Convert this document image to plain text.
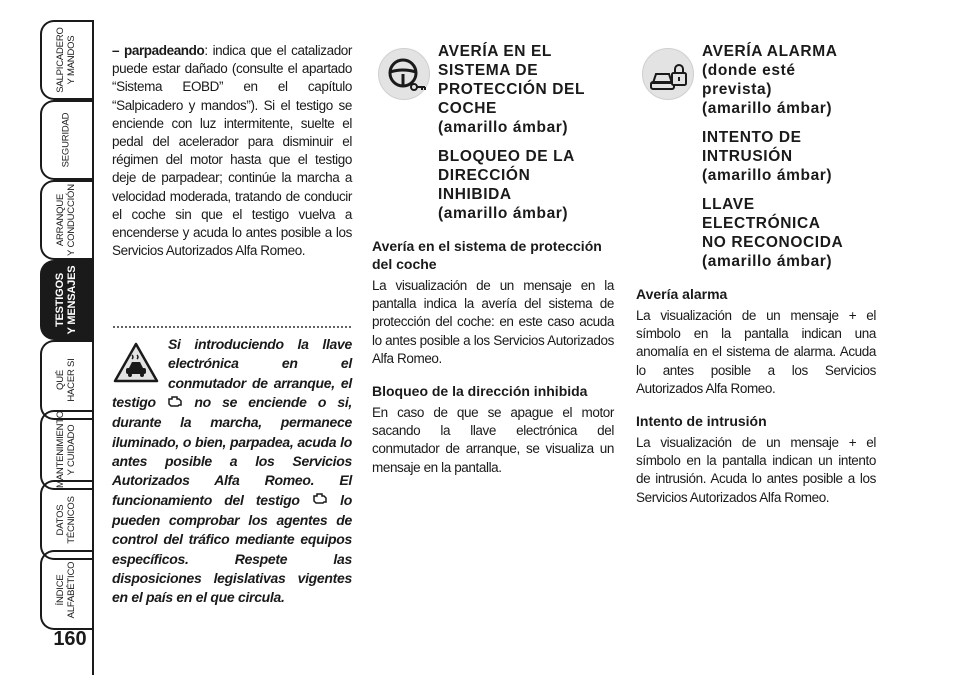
SALPICADERO
Y MANDOS
SEGURIDAD
ARRANQUE
Y CONDUCCIÓN
TESTIGOS
Y MENSAJES
QUÉ
HACER SI
MANTENIMIENTO
Y CUIDADO
DATOS
TÉCNICOS
ÍNDICE
ALFABÉTICO
160

– parpadeando: indica que el catalizador puede estar dañado (consulte el apartado “Sistema EOBD” en el capítulo “Salpicadero y mandos”). Si el testigo se enciende con luz intermitente, suelte el pedal del acelerador para disminuir el régimen del motor hasta que el testigo deje de parpadear; continúe la marcha a velocidad moderada, tratando de conducir el coche sin que el testigo vuelva a encenderse y acuda lo antes posible a los Servicios Autorizados Alfa Romeo.

Si introduciendo la llave electrónica en el conmutador de arranque, el testigo	no se enciende o si, durante la marcha, permanece iluminado, o bien, parpadea, acuda lo antes posible a los Servicios Autorizados Alfa Romeo. El funcionamiento del testigo	lo pueden comprobar los agentes de control del tráfico mediante equipos específicos. Respete las disposiciones legislativas vigentes en el país en el que circula.

AVERÍA EN EL
SISTEMA DE
PROTECCIÓN DEL
COCHE
(amarillo ámbar)

BLOQUEO DE LA
DIRECCIÓN
INHIBIDA
(amarillo ámbar)

Avería en el sistema de protección del coche

La visualización de un mensaje en la pantalla indica la avería del sistema de protección del coche: en este caso acuda lo antes posible a los Servicios Autorizados Alfa Romeo.

Bloqueo de la dirección inhibida

En caso de que se apague el motor sacando la llave electrónica del conmutador de arranque, se visualiza un mensaje en la pantalla.

AVERÍA ALARMA
(donde esté
prevista)
(amarillo ámbar)

INTENTO DE
INTRUSIÓN
(amarillo ámbar)

LLAVE ELECTRÓNICA
NO RECONOCIDA
(amarillo ámbar)

Avería alarma

La visualización de un mensaje + el símbolo en la pantalla indican una anomalía en el sistema de alarma. Acuda lo antes posible a los Servicios Autorizados Alfa Romeo.

Intento de intrusión

La visualización de un mensaje + el símbolo en la pantalla indican un intento de intrusión. Acuda lo antes posible a los Servicios Autorizados Alfa Romeo.
